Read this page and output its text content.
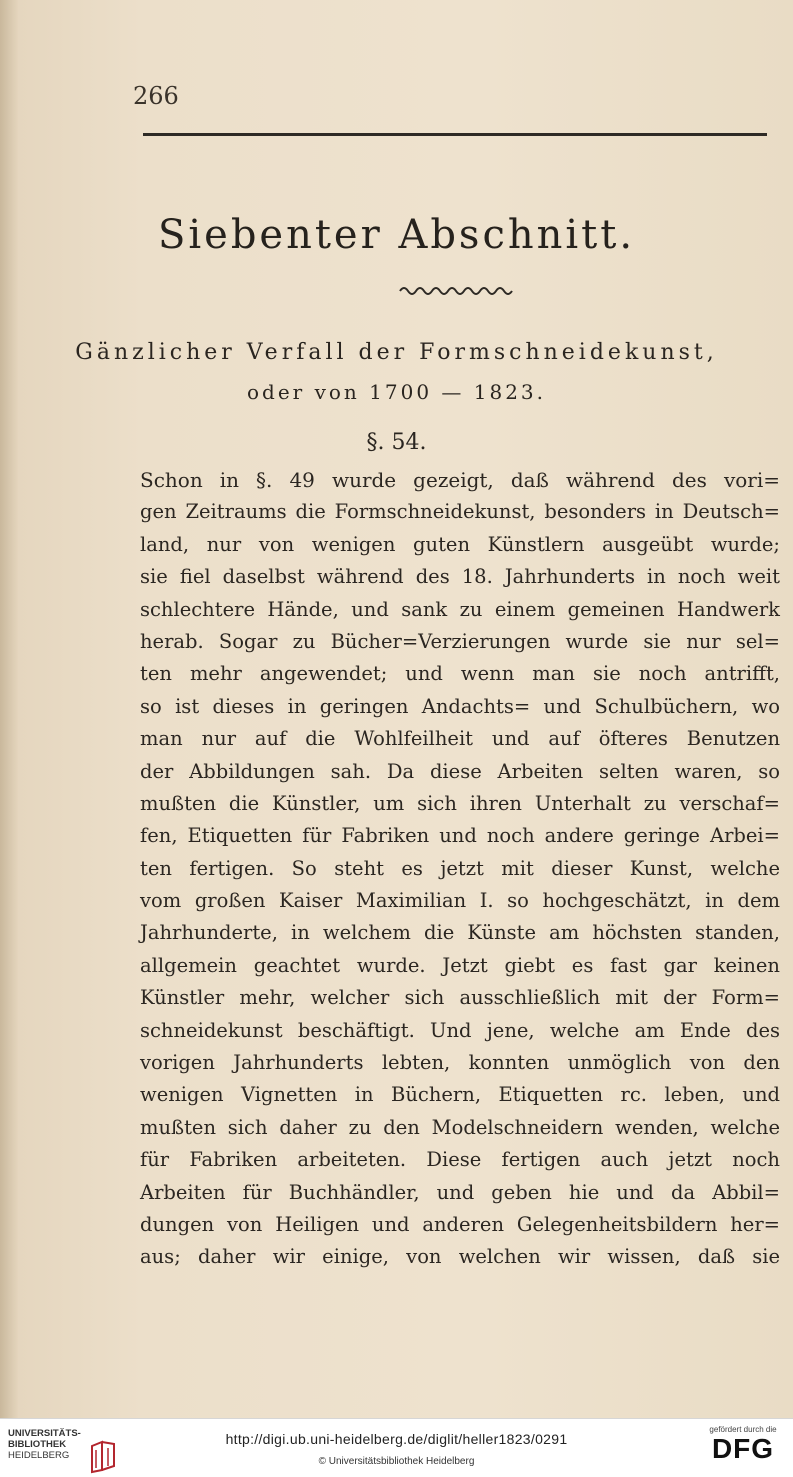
266
Siebenter Abschnitt.
Gänzlicher Verfall der Formschneidekunst,
oder von 1700 — 1823.
§. 54.
Schon in §. 49 wurde gezeigt, daß während des vori=
gen Zeitraums die Formschneidekunst, besonders in Deutsch=
land, nur von wenigen guten Künstlern ausgeübt wurde;
sie fiel daselbst während des 18. Jahrhunderts in noch weit
schlechtere Hände, und sank zu einem gemeinen Handwerk
herab. Sogar zu Bücher=Verzierungen wurde sie nur sel=
ten mehr angewendet; und wenn man sie noch antrifft,
so ist dieses in geringen Andachts= und Schulbüchern, wo
man nur auf die Wohlfeilheit und auf öfteres Benutzen
der Abbildungen sah. Da diese Arbeiten selten waren, so
mußten die Künstler, um sich ihren Unterhalt zu verschaf=
fen, Etiquetten für Fabriken und noch andere geringe Arbei=
ten fertigen. So steht es jetzt mit dieser Kunst, welche
vom großen Kaiser Maximilian I. so hochgeschätzt, in dem
Jahrhunderte, in welchem die Künste am höchsten standen,
allgemein geachtet wurde. Jetzt giebt es fast gar keinen
Künstler mehr, welcher sich ausschließlich mit der Form=
schneidekunst beschäftigt. Und jene, welche am Ende des
vorigen Jahrhunderts lebten, konnten unmöglich von den
wenigen Vignetten in Büchern, Etiquetten rc. leben, und
mußten sich daher zu den Modelschneidern wenden, welche
für Fabriken arbeiteten. Diese fertigen auch jetzt noch
Arbeiten für Buchhändler, und geben hie und da Abbil=
dungen von Heiligen und anderen Gelegenheitsbildern her=
aus; daher wir einige, von welchen wir wissen, daß sie
UNIVERSITÄTS-
BIBLIOTHEK
HEIDELBERG
http://digi.ub.uni-heidelberg.de/diglit/heller1823/0291
© Universitätsbibliothek Heidelberg
gefördert durch die
DFG
